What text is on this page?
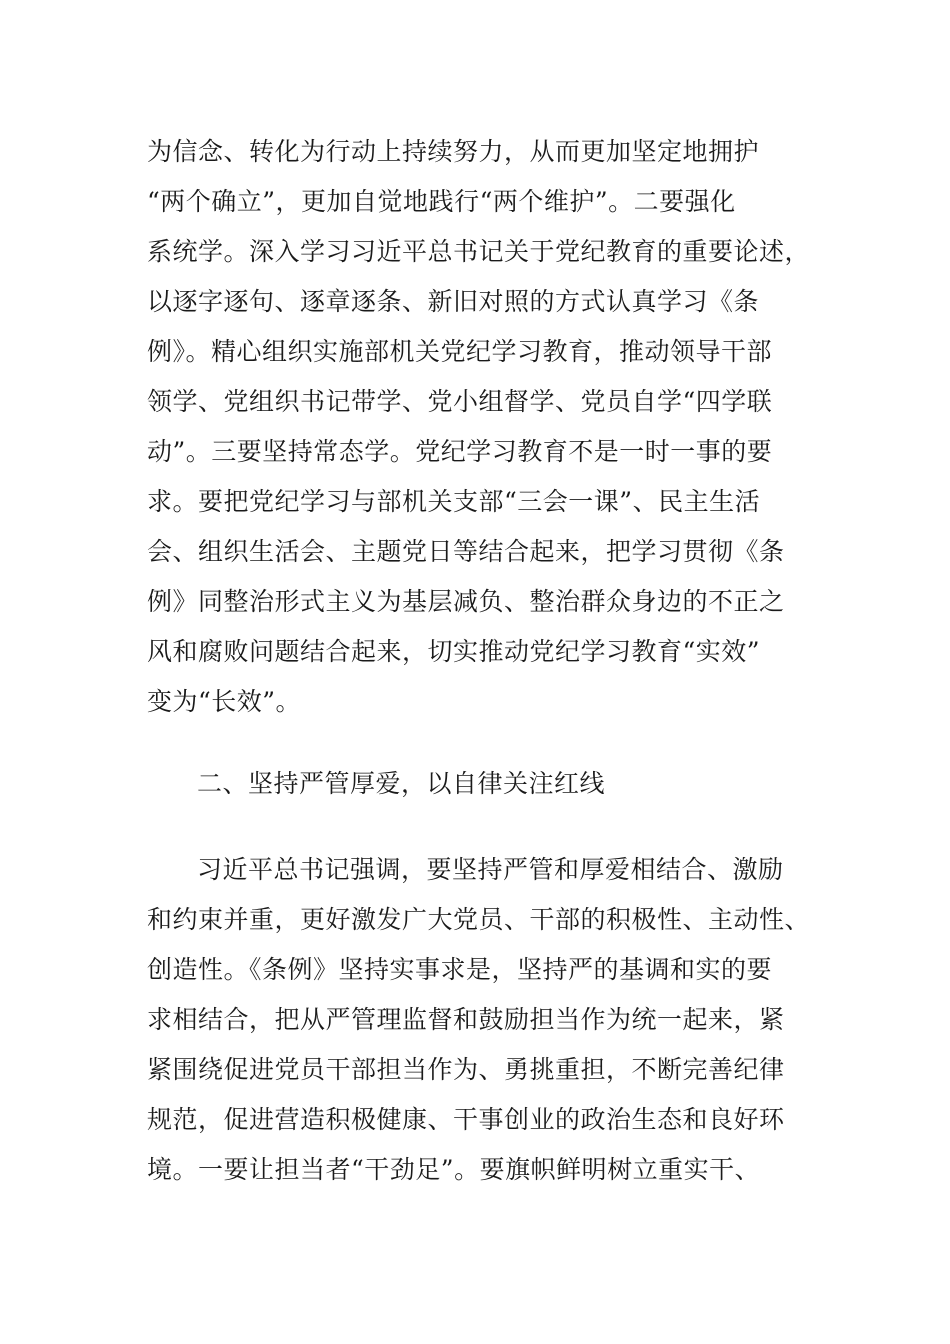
为信念、转化为行动上持续努力，从而更加坚定地拥护
“两个确立”，更加自觉地践行“两个维护”。二要强化
系统学。深入学习习近平总书记关于党纪教育的重要论述，
以逐字逐句、逐章逐条、新旧对照的方式认真学习《条
例》。精心组织实施部机关党纪学习教育，推动领导干部
领学、党组织书记带学、党小组督学、党员自学“四学联
动”。三要坚持常态学。党纪学习教育不是一时一事的要
求。要把党纪学习与部机关支部“三会一课”、民主生活
会、组织生活会、主题党日等结合起来，把学习贯彻《条
例》同整治形式主义为基层减负、整治群众身边的不正之
风和腐败问题结合起来，切实推动党纪学习教育“实效”
变为“长效”。
二、坚持严管厚爱，以自律关注红线
习近平总书记强调，要坚持严管和厚爱相结合、激励
和约束并重，更好激发广大党员、干部的积极性、主动性、
创造性。《条例》坚持实事求是，坚持严的基调和实的要
求相结合，把从严管理监督和鼓励担当作为统一起来，紧
紧围绕促进党员干部担当作为、勇挑重担，不断完善纪律
规范，促进营造积极健康、干事创业的政治生态和良好环
境。一要让担当者“干劲足”。要旗帜鲜明树立重实干、
